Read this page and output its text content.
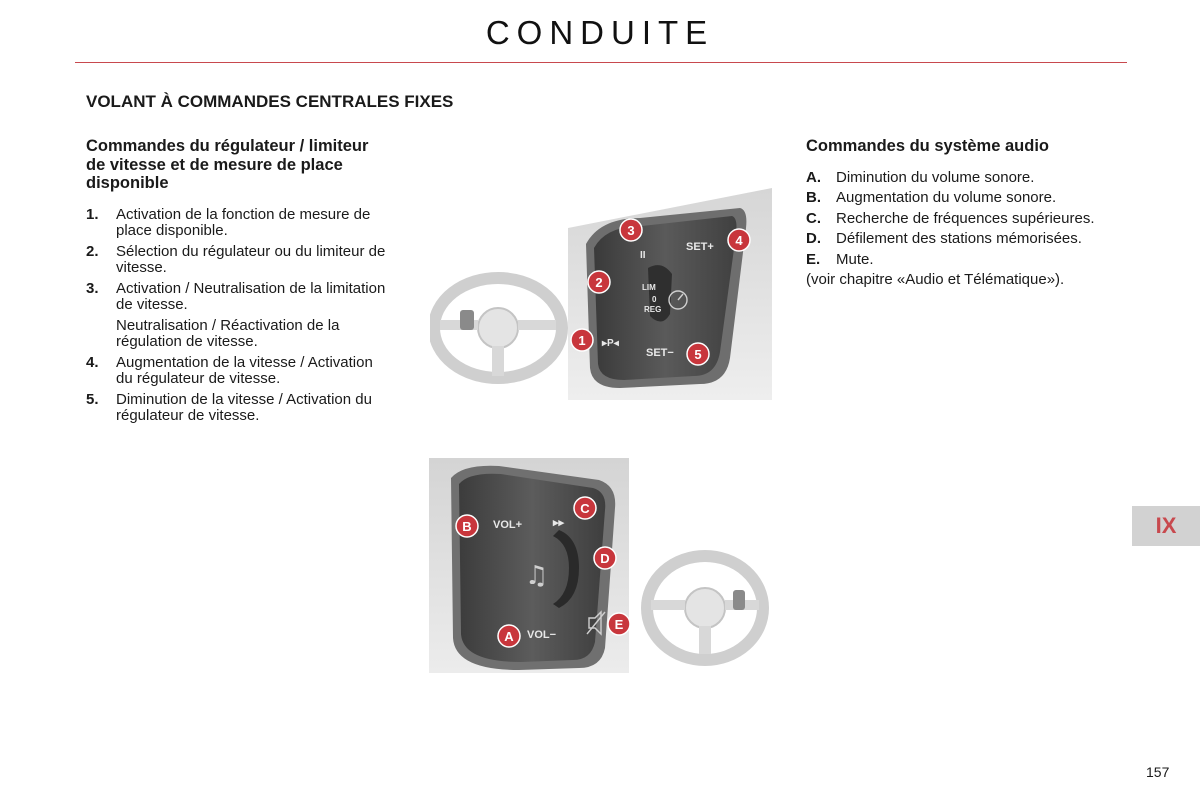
CONDUITE
VOLANT À COMMANDES CENTRALES FIXES
Commandes du régulateur / limiteur de vitesse et de mesure de place disponible
1.	Activation de la fonction de mesure de place disponible.
2.	Sélection du régulateur ou du limiteur de vitesse.
3.	Activation / Neutralisation de la limitation de vitesse.
Neutralisation / Réactivation de la régulation de vitesse.
4.	Augmentation de la vitesse / Activation du régulateur de vitesse.
5.	Diminution de la vitesse / Activation du régulateur de vitesse.
Commandes du système audio
A.	Diminution du volume sonore.
B.	Augmentation du volume sonore.
C.	Recherche de fréquences supérieures.
D.	Défilement des stations mémorisées.
E.	Mute.
(voir chapitre «Audio et Télématique»).
II
SET+
LIM
0
REG
▸P◂
SET−
1
2
3
4
5
VOL+	▸▸
♫
VOL−
A
B
C
D
E
IX
157
